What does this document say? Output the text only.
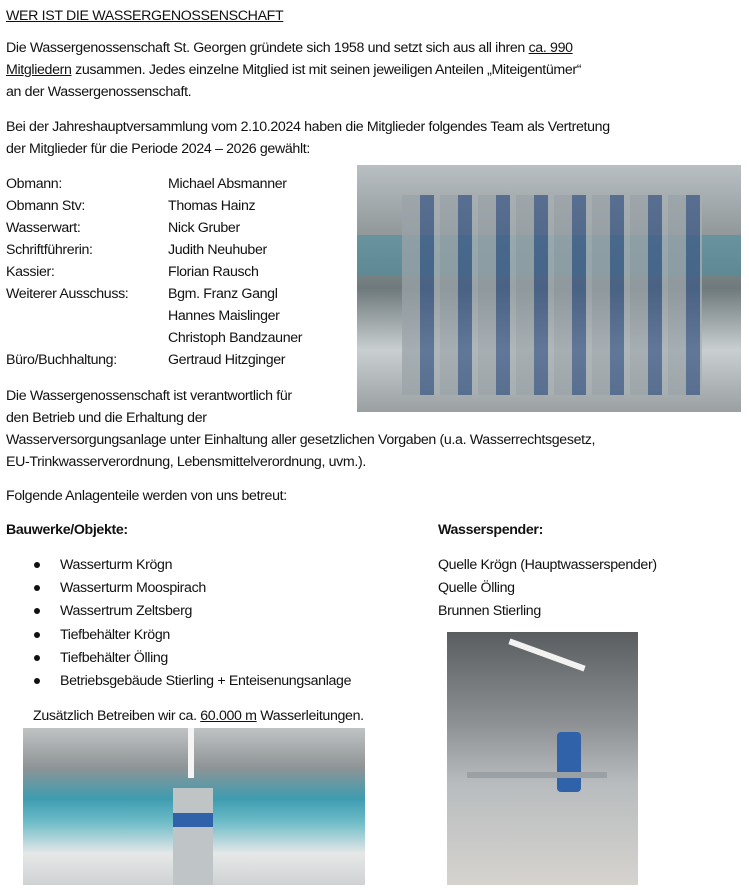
WER IST DIE WASSERGENOSSENSCHAFT
Die Wassergenossenschaft St. Georgen gründete sich 1958 und setzt sich aus all ihren ca. 990
Mitgliedern zusammen. Jedes einzelne Mitglied ist mit seinen jeweiligen Anteilen „Miteigentümer“
an der Wassergenossenschaft.
Bei der Jahreshauptversammlung vom 2.10.2024 haben die Mitglieder folgendes Team als Vertretung
der Mitglieder für die Periode 2024 – 2026 gewählt:
Obmann:	Michael Absmanner
Obmann Stv:	Thomas Hainz
Wasserwart:	Nick Gruber
Schriftführerin:	Judith Neuhuber
Kassier:	Florian Rausch
Weiterer Ausschuss:	Bgm. Franz Gangl
Hannes Maislinger
Christoph Bandzauner
Büro/Buchhaltung:	Gertraud Hitzginger
Die Wassergenossenschaft ist verantwortlich für
den Betrieb und die Erhaltung der
Wasserversorgungsanlage unter Einhaltung aller gesetzlichen Vorgaben (u.a. Wasserrechtsgesetz,
EU-Trinkwasserverordnung, Lebensmittelverordnung, uvm.).
Folgende Anlagenteile werden von uns betreut:
Bauwerke/Objekte:	Wasserspender:
Wasserturm Krögn
Wasserturm Moospirach
Wassertrum Zeltsberg
Tiefbehälter Krögn
Tiefbehälter Ölling
Betriebsgebäude Stierling + Enteisenungsanlage
Quelle Krögn (Hauptwasserspender)
Quelle Ölling
Brunnen Stierling
Zusätzlich Betreiben wir ca. 60.000 m Wasserleitungen.
